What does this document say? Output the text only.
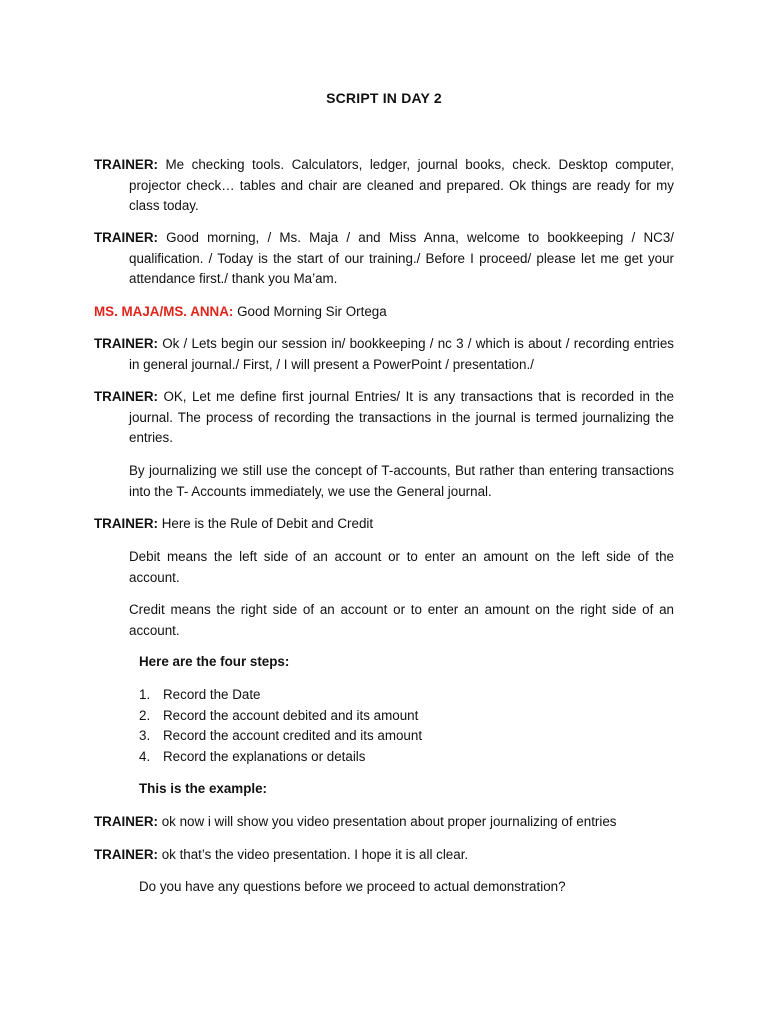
SCRIPT IN DAY 2
TRAINER: Me checking tools. Calculators, ledger, journal books, check. Desktop computer, projector check… tables and chair are cleaned and prepared. Ok things are ready for my class today.
TRAINER: Good morning, / Ms. Maja / and Miss Anna, welcome to bookkeeping / NC3/ qualification. / Today is the start of our training./ Before I proceed/ please let me get your attendance first./ thank you Ma’am.
MS. MAJA/MS. ANNA: Good Morning Sir Ortega
TRAINER: Ok / Lets begin our session in/ bookkeeping / nc 3 / which is about / recording entries in general journal./ First, / I will present a PowerPoint / presentation./
TRAINER: OK, Let me define first journal Entries/ It is any transactions that is recorded in the journal. The process of recording the transactions in the journal is termed journalizing the entries.
By journalizing we still use the concept of T-accounts, But rather than entering transactions into the T- Accounts immediately, we use the General journal.
TRAINER: Here is the Rule of Debit and Credit
Debit means the left side of an account or to enter an amount on the left side of the account.
Credit means the right side of an account or to enter an amount on the right side of an account.
Here are the four steps:
1. Record the Date
2. Record the account debited and its amount
3. Record the account credited and its amount
4. Record the explanations or details
This is the example:
TRAINER: ok now i will show you video presentation about proper journalizing of entries
TRAINER: ok that’s the video presentation. I hope it is all clear.
Do you have any questions before we proceed to actual demonstration?
